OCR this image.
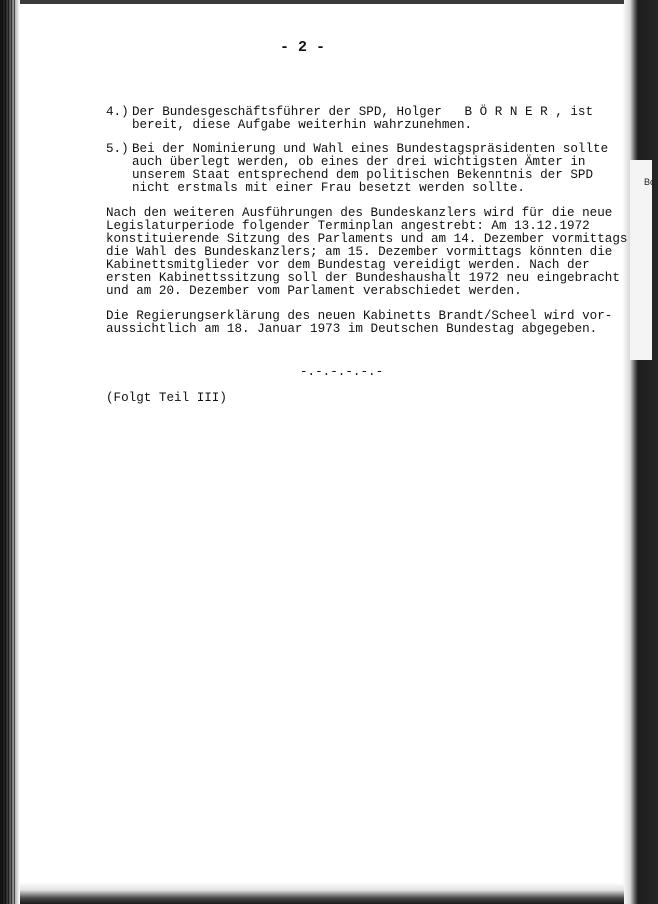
Bo
- 2 -
4.) Der Bundesgeschäftsführer der SPD, Holger   B Ö R N E R , ist
bereit, diese Aufgabe weiterhin wahrzunehmen.
5.) Bei der Nominierung und Wahl eines Bundestagspräsidenten sollte
auch überlegt werden, ob eines der drei wichtigsten Ämter in
unserem Staat entsprechend dem politischen Bekenntnis der SPD
nicht erstmals mit einer Frau besetzt werden sollte.
Nach den weiteren Ausführungen des Bundeskanzlers wird für die neue
Legislaturperiode folgender Terminplan angestrebt: Am 13.12.1972
konstituierende Sitzung des Parlaments und am 14. Dezember vormittags
die Wahl des Bundeskanzlers; am 15. Dezember vormittags könnten die
Kabinettsmitglieder vor dem Bundestag vereidigt werden. Nach der
ersten Kabinettssitzung soll der Bundeshaushalt 1972 neu eingebracht
und am 20. Dezember vom Parlament verabschiedet werden.
Die Regierungserklärung des neuen Kabinetts Brandt/Scheel wird vor-
aussichtlich am 18. Januar 1973 im Deutschen Bundestag abgegeben.
-.-.-.-.-.-
(Folgt Teil III)
